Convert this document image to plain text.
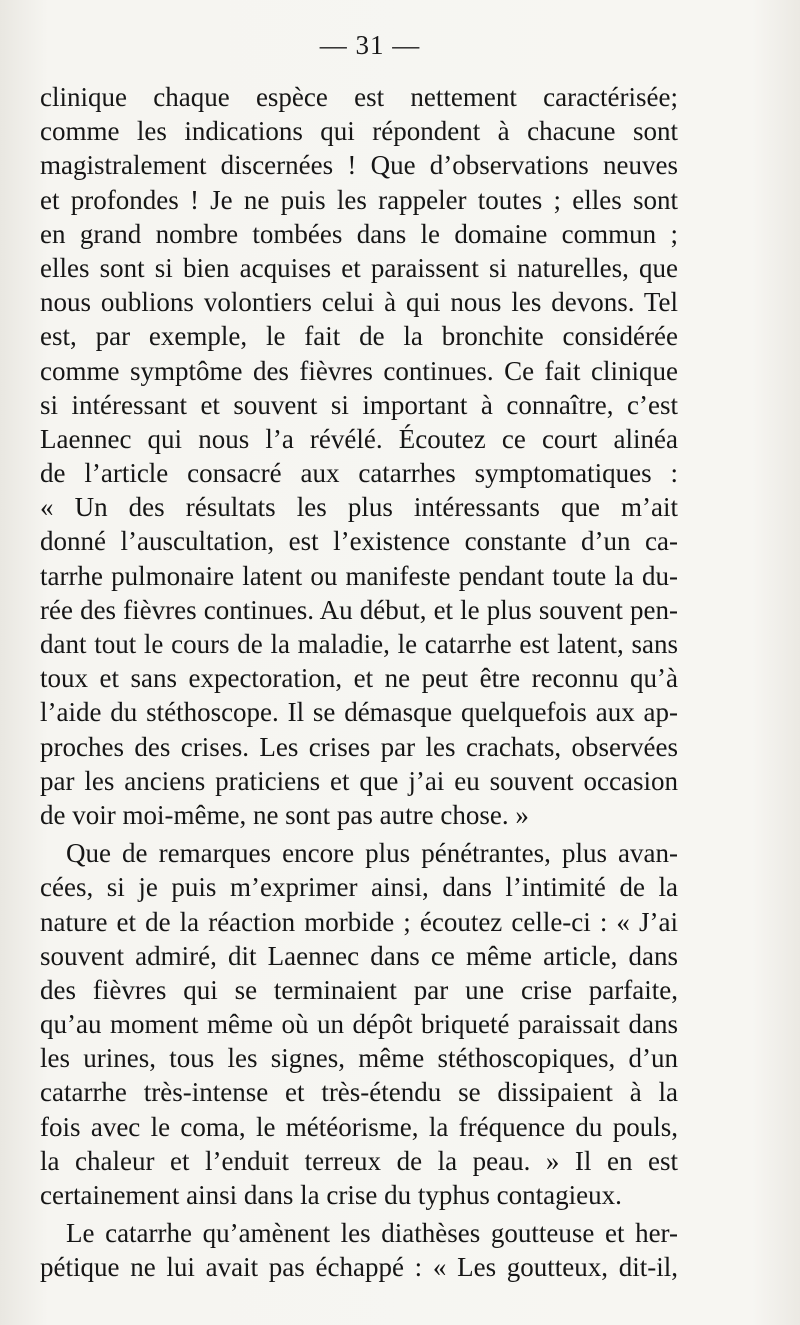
— 31 —
clinique chaque espèce est nettement caractérisée;
comme les indications qui répondent à chacune sont
magistralement discernées ! Que d’observations neuves
et profondes ! Je ne puis les rappeler toutes ; elles sont
en grand nombre tombées dans le domaine commun ;
elles sont si bien acquises et paraissent si naturelles, que
nous oublions volontiers celui à qui nous les devons. Tel
est, par exemple, le fait de la bronchite considérée
comme symptôme des fièvres continues. Ce fait clinique
si intéressant et souvent si important à connaître, c’est
Laennec qui nous l’a révélé. Écoutez ce court alinéa
de l’article consacré aux catarrhes symptomatiques :
« Un des résultats les plus intéressants que m’ait
donné l’auscultation, est l’existence constante d’un ca-
tarrhe pulmonaire latent ou manifeste pendant toute la du-
rée des fièvres continues. Au début, et le plus souvent pen-
dant tout le cours de la maladie, le catarrhe est latent, sans
toux et sans expectoration, et ne peut être reconnu qu’à
l’aide du stéthoscope. Il se démasque quelquefois aux ap-
proches des crises. Les crises par les crachats, observées
par les anciens praticiens et que j’ai eu souvent occasion
de voir moi-même, ne sont pas autre chose. »
Que de remarques encore plus pénétrantes, plus avan-
cées, si je puis m’exprimer ainsi, dans l’intimité de la
nature et de la réaction morbide ; écoutez celle-ci : « J’ai
souvent admiré, dit Laennec dans ce même article, dans
des fièvres qui se terminaient par une crise parfaite,
qu’au moment même où un dépôt briqueté paraissait dans
les urines, tous les signes, même stéthoscopiques, d’un
catarrhe très-intense et très-étendu se dissipaient à la
fois avec le coma, le météorisme, la fréquence du pouls,
la chaleur et l’enduit terreux de la peau. » Il en est
certainement ainsi dans la crise du typhus contagieux.
Le catarrhe qu’amènent les diathèses goutteuse et her-
pétique ne lui avait pas échappé : « Les goutteux, dit-il,
